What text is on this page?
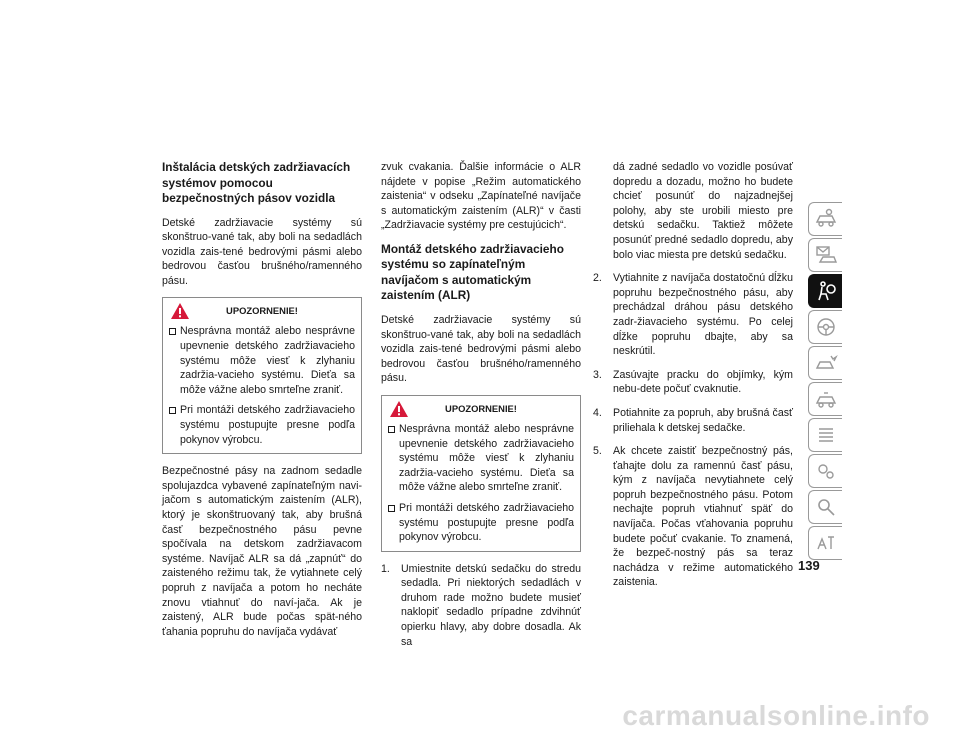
Inštalácia detských zadržiavacích systémov pomocou bezpečnostných pásov vozidla

Detské zadržiavacie systémy sú skonštruo-vané tak, aby boli na sedadlách vozidla zais-tené bedrovými pásmi alebo bedrovou časťou brušného/ramenného pásu.

UPOZORNENIE!
Nesprávna montáž alebo nesprávne upevnenie detského zadržiavacieho systému môže viesť k zlyhaniu zadržia-vacieho systému. Dieťa sa môže vážne alebo smrteľne zraniť.
Pri montáži detského zadržiavacieho systému postupujte presne podľa pokynov výrobcu.

Bezpečnostné pásy na zadnom sedadle spolujazdca vybavené zapínateľným navi-jačom s automatickým zaistením (ALR), ktorý je skonštruovaný tak, aby brušná časť bezpečnostného pásu pevne spočívala na detskom zadržiavacom systéme. Navíjač ALR sa dá „zapnúť“ do zaisteného režimu tak, že vytiahnete celý popruh z navíjača a potom ho necháte znovu vtiahnuť do naví-jača. Ak je zaistený, ALR bude počas spät-ného ťahania popruhu do navíjača vydávať

zvuk cvakania. Ďalšie informácie o ALR nájdete v popise „Režim automatického zaistenia“ v odseku „Zapínateľné navíjače s automatickým zaistením (ALR)“ v časti „Zadržiavacie systémy pre cestujúcich“.

Montáž detského zadržiavacieho systému so zapínateľným navíjačom s automatickým zaistením (ALR)

Detské zadržiavacie systémy sú skonštruo-vané tak, aby boli na sedadlách vozidla zais-tené bedrovými pásmi alebo bedrovou časťou brušného/ramenného pásu.

UPOZORNENIE!
Nesprávna montáž alebo nesprávne upevnenie detského zadržiavacieho systému môže viesť k zlyhaniu zadržia-vacieho systému. Dieťa sa môže vážne alebo smrteľne zraniť.
Pri montáži detského zadržiavacieho systému postupujte presne podľa pokynov výrobcu.
1. Umiestnite detskú sedačku do stredu sedadla. Pri niektorých sedadlách v druhom rade možno budete musieť naklopiť sedadlo prípadne zdvihnúť opierku hlavy, aby dobre dosadla. Ak sa
dá zadné sedadlo vo vozidle posúvať dopredu a dozadu, možno ho budete chcieť posunúť do najzadnejšej polohy, aby ste urobili miesto pre detskú sedačku. Taktiež môžete posunúť predné sedadlo dopredu, aby bolo viac miesta pre detskú sedačku.
2. Vytiahnite z navíjača dostatočnú dĺžku popruhu bezpečnostného pásu, aby prechádzal dráhou pásu detského zadr-žiavacieho systému. Po celej dĺžke popruhu dbajte, aby sa neskrútil.
3. Zasúvajte pracku do objímky, kým nebu-dete počuť cvaknutie.
4. Potiahnite za popruh, aby brušná časť priliehala k detskej sedačke.
5. Ak chcete zaistiť bezpečnostný pás, ťahajte dolu za ramennú časť pásu, kým z navíjača nevytiahnete celý popruh bezpečnostného pásu. Potom nechajte popruh vtiahnuť späť do navíjača. Počas vťahovania popruhu budete počuť cvakanie. To znamená, že bezpeč-nostný pás sa teraz nachádza v režime automatického zaistenia.
139
carmanualsonline.info
